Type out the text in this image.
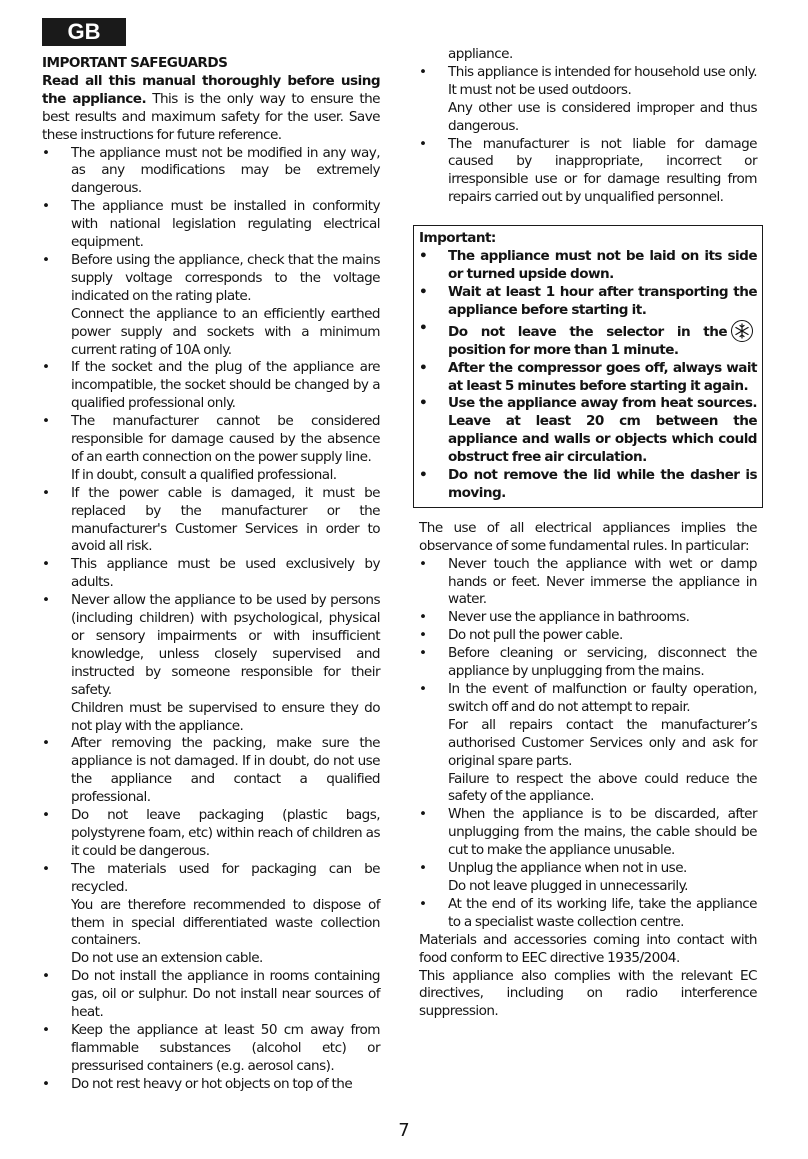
GB

IMPORTANT SAFEGUARDS

Read all this manual thoroughly before using the appliance. This is the only way to ensure the best results and maximum safety for the user. Save these instructions for future reference.

• The appliance must not be modified in any way, as any modifications may be extremely dangerous.
• The appliance must be installed in conformity with national legislation regulating electrical equipment.
• Before using the appliance, check that the mains supply voltage corresponds to the voltage indicated on the rating plate.
Connect the appliance to an efficiently earthed power supply and sockets with a minimum current rating of 10A only.
• If the socket and the plug of the appliance are incompatible, the socket should be changed by a qualified professional only.
• The manufacturer cannot be considered responsible for damage caused by the absence of an earth connection on the power supply line.
If in doubt, consult a qualified professional.
• If the power cable is damaged, it must be replaced by the manufacturer or the manufacturer's Customer Services in order to avoid all risk.
• This appliance must be used exclusively by adults.
• Never allow the appliance to be used by persons (including children) with psychological, physical or sensory impairments or with insufficient knowledge, unless closely supervised and instructed by someone responsible for their safety.
Children must be supervised to ensure they do not play with the appliance.
• After removing the packing, make sure the appliance is not damaged. If in doubt, do not use the appliance and contact a qualified professional.
• Do not leave packaging (plastic bags, polystyrene foam, etc) within reach of children as it could be dangerous.
• The materials used for packaging can be recycled.
You are therefore recommended to dispose of them in special differentiated waste collection containers.
Do not use an extension cable.
• Do not install the appliance in rooms containing gas, oil or sulphur. Do not install near sources of heat.
• Keep the appliance at least 50 cm away from flammable substances (alcohol etc) or pressurised containers (e.g. aerosol cans).
• Do not rest heavy or hot objects on top of the

appliance.

• This appliance is intended for household use only. It must not be used outdoors.
Any other use is considered improper and thus dangerous.
• The manufacturer is not liable for damage caused by inappropriate, incorrect or irresponsible use or for damage resulting from repairs carried out by unqualified personnel.

Important:

• The appliance must not be laid on its side or turned upside down.
• Wait at least 1 hour after transporting the appliance before starting it.
• Do not leave the selector in the
position for more than 1 minute.
• After the compressor goes off, always wait at least 5 minutes before starting it again.
• Use the appliance away from heat sources. Leave at least 20 cm between the appliance and walls or objects which could obstruct free air circulation.
• Do not remove the lid while the dasher is moving.

The use of all electrical appliances implies the observance of some fundamental rules. In particular:

• Never touch the appliance with wet or damp hands or feet. Never immerse the appliance in water.
• Never use the appliance in bathrooms.
• Do not pull the power cable.
• Before cleaning or servicing, disconnect the appliance by unplugging from the mains.
• In the event of malfunction or faulty operation, switch off and do not attempt to repair.
For all repairs contact the manufacturer’s authorised Customer Services only and ask for original spare parts.
Failure to respect the above could reduce the safety of the appliance.
• When the appliance is to be discarded, after unplugging from the mains, the cable should be cut to make the appliance unusable.
• Unplug the appliance when not in use.
Do not leave plugged in unnecessarily.
• At the end of its working life, take the appliance to a specialist waste collection centre.

Materials and accessories coming into contact with food conform to EEC directive 1935/2004.

This appliance also complies with the relevant EC directives, including on radio interference suppression.

7
